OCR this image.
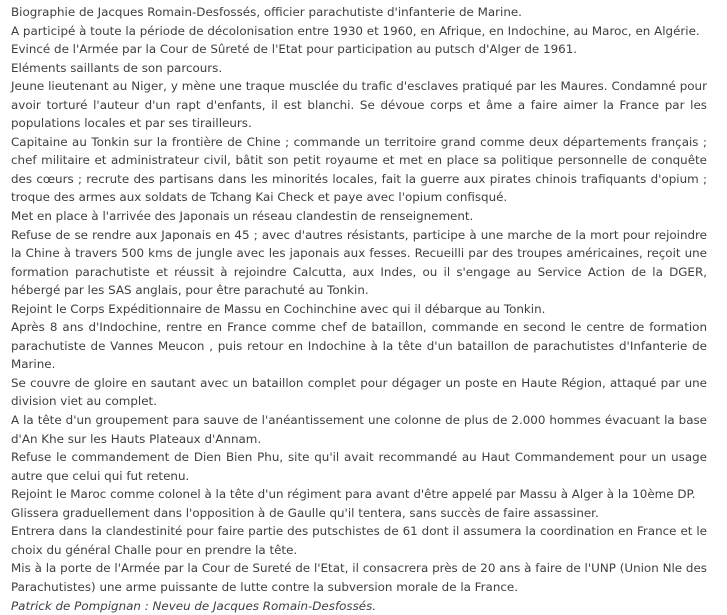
Biographie de Jacques Romain-Desfossés, officier parachutiste d'infanterie de Marine.

A participé à toute la période de décolonisation entre 1930 et 1960, en Afrique, en Indochine, au Maroc, en Algérie.

Evincé de l'Armée par la Cour de Sûreté de l'Etat pour participation au putsch d'Alger de 1961.

Eléments saillants de son parcours.

Jeune lieutenant au Niger, y mène une traque musclée du trafic d'esclaves pratiqué par les Maures. Condamné pour avoir torturé l'auteur d'un rapt d'enfants, il est blanchi. Se dévoue corps et âme a faire aimer la France par les populations locales et par ses tirailleurs.

Capitaine au Tonkin sur la frontière de Chine ; commande un territoire grand comme deux départements français ; chef militaire et administrateur civil, bâtit son petit royaume et met en place sa politique personnelle de conquête des cœurs ; recrute des partisans dans les minorités locales, fait la guerre aux pirates chinois trafiquants d'opium ; troque des armes aux soldats de Tchang Kai Check et paye avec l'opium confisqué.

Met en place à l'arrivée des Japonais un réseau clandestin de renseignement.

Refuse de se rendre aux Japonais en 45 ; avec d'autres résistants, participe à une marche de la mort pour rejoindre la Chine à travers 500 kms de jungle avec les japonais aux fesses. Recueilli par des troupes américaines, reçoit une formation parachutiste et réussit à rejoindre Calcutta, aux Indes, ou il s'engage au Service Action de la DGER, hébergé par les SAS anglais, pour être parachuté au Tonkin.

Rejoint le Corps Expéditionnaire de Massu en Cochinchine avec qui il débarque au Tonkin.

Après 8 ans d'Indochine, rentre en France comme chef de bataillon, commande en second le centre de formation parachutiste de Vannes Meucon , puis retour en Indochine à la tête d'un bataillon de parachutistes d'Infanterie de Marine.

Se couvre de gloire en sautant avec un bataillon complet pour dégager un poste en Haute Région, attaqué par une division viet au complet.

A la tête d'un groupement para sauve de l'anéantissement une colonne de plus de 2.000 hommes évacuant la base d'An Khe sur les Hauts Plateaux d'Annam.

Refuse le commandement de Dien Bien Phu, site qu'il avait recommandé au Haut Commandement pour un usage autre que celui qui fut retenu.

Rejoint le Maroc comme colonel à la tête d'un régiment para avant d'être appelé par Massu à Alger à la 10ème DP.

Glissera graduellement dans l'opposition à de Gaulle qu'il tentera, sans succès de faire assassiner.

Entrera dans la clandestinité pour faire partie des putschistes de 61 dont il assumera la coordination en France et le choix du général Challe pour en prendre la tête.

Mis à la porte de l'Armée par la Cour de Sureté de l'Etat, il consacrera près de 20 ans à faire de l'UNP (Union Nle des Parachutistes) une arme puissante de lutte contre la subversion morale de la France.

Patrick de Pompignan : Neveu de Jacques Romain-Desfossés.
